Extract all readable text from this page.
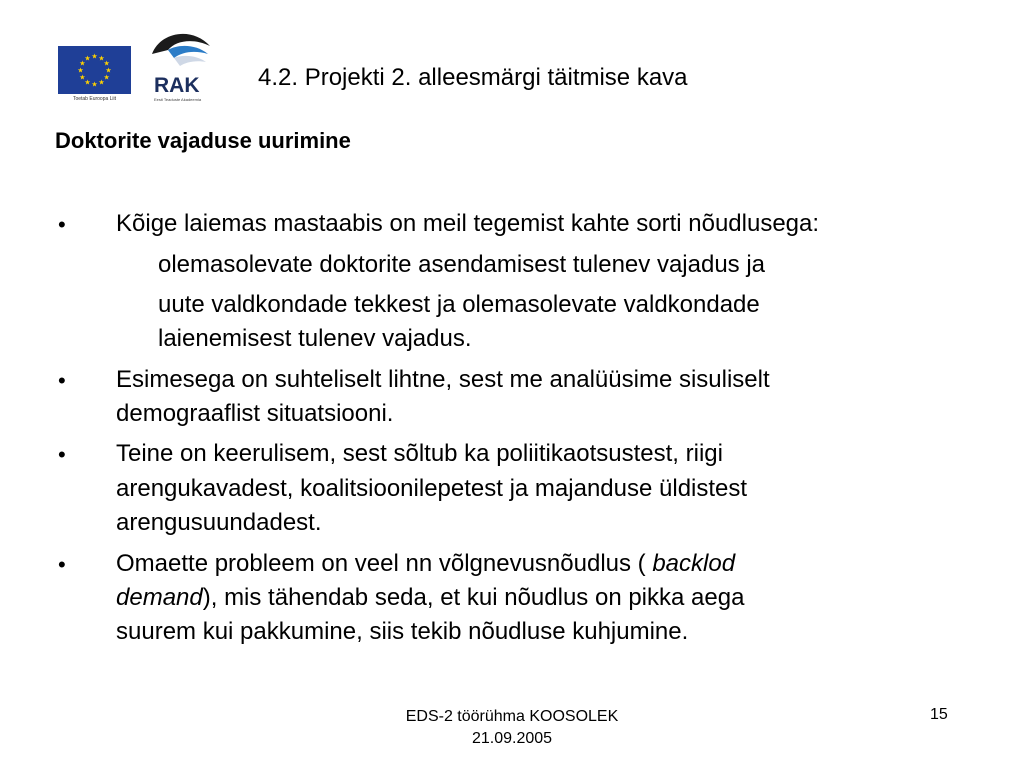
★ ★
★
★
★
★
★
★
★
★
★
★
Toetab Euroopa Liit
RAK
Eesti Teaduste Akadeemia
4.2. Projekti 2. alleesmärgi täitmise kava
Doktorite vajaduse uurimine
• Kõige laiemas mastaabis on meil tegemist kahte sorti nõudlusega:
olemasolevate doktorite asendamisest tulenev vajadus ja
uute valdkondade tekkest ja olemasolevate valdkondade
laienemisest tulenev vajadus.
• Esimesega on suhteliselt lihtne, sest me analüüsime sisuliselt
demograaflist situatsiooni.
• Teine on keerulisem, sest sõltub ka poliitikaotsustest, riigi
arengukavadest, koalitsioonilepetest ja majanduse üldistest
arengusuundadest.
• Omaette probleem on veel nn võlgnevusnõudlus ( backlod
demand), mis tähendab seda, et kui nõudlus on pikka aega
suurem kui pakkumine, siis tekib nõudluse kuhjumine.
EDS-2 töörühma KOOSOLEK
21.09.2005
15
